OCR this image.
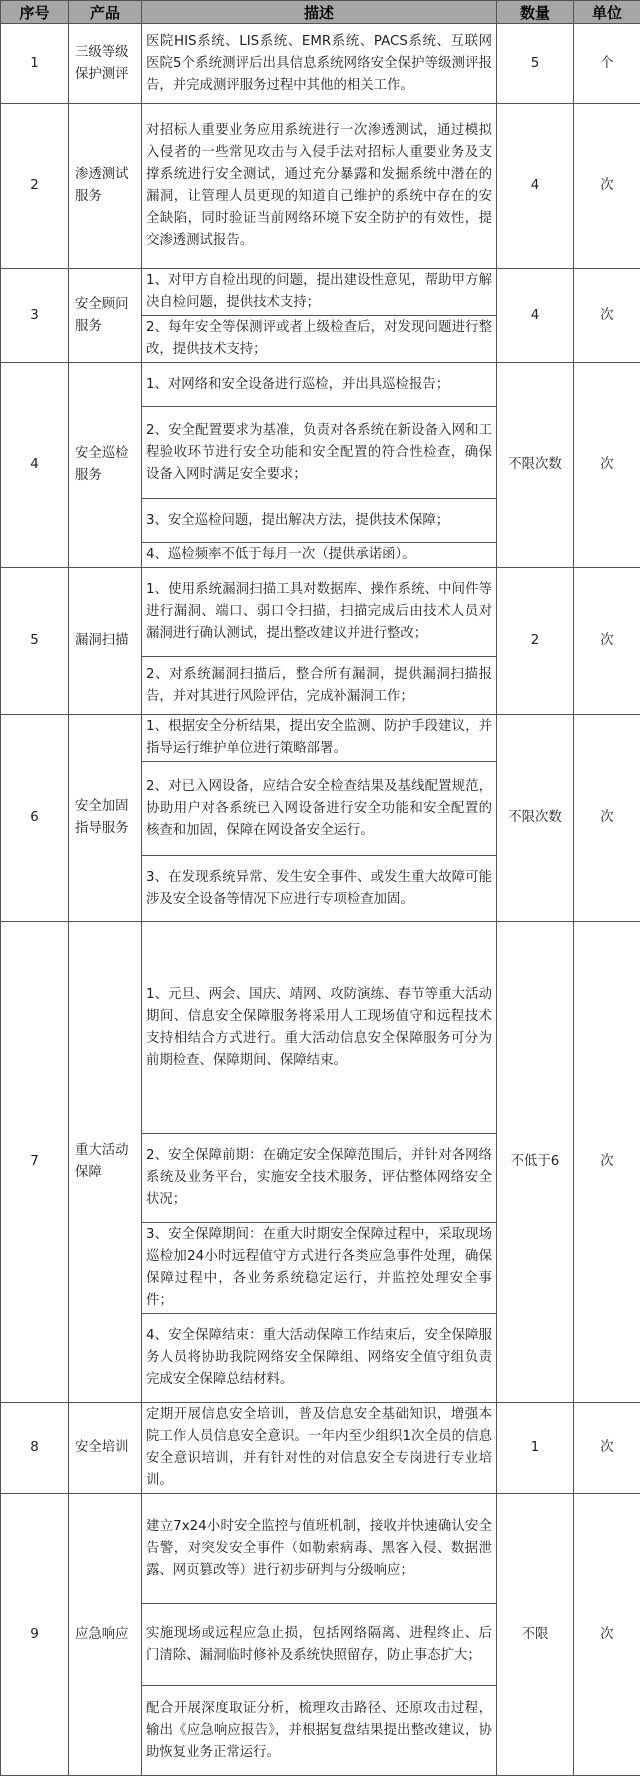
序号	产品	描述	数量	单位
1	三级等级保护测评	医院HIS系统、LIS系统、EMR系统、PACS系统、互联网医院5个系统测评后出具信息系统网络安全保护等级测评报告，并完成测评服务过程中其他的相关工作。	5	个
2	渗透测试服务	对招标人重要业务应用系统进行一次渗透测试，通过模拟入侵者的一些常见攻击与入侵手法对招标人重要业务及支撑系统进行安全测试，通过充分暴露和发掘系统中潜在的漏洞，让管理人员更现的知道自己维护的系统中存在的安全缺陷，同时验证当前网络环境下安全防护的有效性，提交渗透测试报告。	4	次
3	安全顾问服务	1、对甲方自检出现的问题，提出建设性意见，帮助甲方解决自检问题，提供技术支持；	4	次
		2、每年安全等保测评或者上级检查后，对发现问题进行整改，提供技术支持；		
4	安全巡检服务	1、对网络和安全设备进行巡检，并出具巡检报告；	不限次数	次
		2、安全配置要求为基准，负责对各系统在新设备入网和工程验收环节进行安全功能和安全配置的符合性检查，确保设备入网时满足安全要求；		
		3、安全巡检问题，提出解决方法，提供技术保障；		
		4、巡检频率不低于每月一次（提供承诺函）。		
5	漏洞扫描	1、使用系统漏洞扫描工具对数据库、操作系统、中间件等进行漏洞、端口、弱口令扫描，扫描完成后由技术人员对漏洞进行确认测试，提出整改建议并进行整改；	2	次
		2、对系统漏洞扫描后，整合所有漏洞，提供漏洞扫描报告，并对其进行风险评估，完成补漏洞工作；		
6	安全加固指导服务	1、根据安全分析结果，提出安全监测、防护手段建议，并指导运行维护单位进行策略部署。	不限次数	次
		2、对已入网设备，应结合安全检查结果及基线配置规范，协助用户对各系统已入网设备进行安全功能和安全配置的核查和加固，保障在网设备安全运行。		
		3、在发现系统异常、发生安全事件、或发生重大故障可能涉及安全设备等情况下应进行专项检查加固。		
7	重大活动保障	1、元旦、两会、国庆、靖网、攻防演练、春节等重大活动期间、信息安全保障服务将采用人工现场值守和远程技术支持相结合方式进行。重大活动信息安全保障服务可分为前期检查、保障期间、保障结束。	不低于6	次
		2、安全保障前期：在确定安全保障范围后，并针对各网络系统及业务平台，实施安全技术服务，评估整体网络安全状况；		
		3、安全保障期间：在重大时期安全保障过程中，采取现场巡检加24小时远程值守方式进行各类应急事件处理，确保保障过程中，各业务系统稳定运行，并监控处理安全事件；		
		4、安全保障结束：重大活动保障工作结束后，安全保障服务人员将协助我院网络安全保障组、网络安全值守组负责完成安全保障总结材料。		
8	安全培训	定期开展信息安全培训，普及信息安全基础知识，增强本院工作人员信息安全意识。一年内至少组织1次全员的信息安全意识培训，并有针对性的对信息安全专岗进行专业培训。	1	次
9	应急响应	建立7x24小时安全监控与值班机制，接收并快速确认安全告警，对突发安全事件（如勒索病毒、黑客入侵、数据泄露、网页篡改等）进行初步研判与分级响应；	不限	次
		实施现场或远程应急止损，包括网络隔离、进程终止、后门清除、漏洞临时修补及系统快照留存，防止事态扩大；		
		配合开展深度取证分析，梳理攻击路径、还原攻击过程，输出《应急响应报告》，并根据复盘结果提出整改建议，协助恢复业务正常运行。		
